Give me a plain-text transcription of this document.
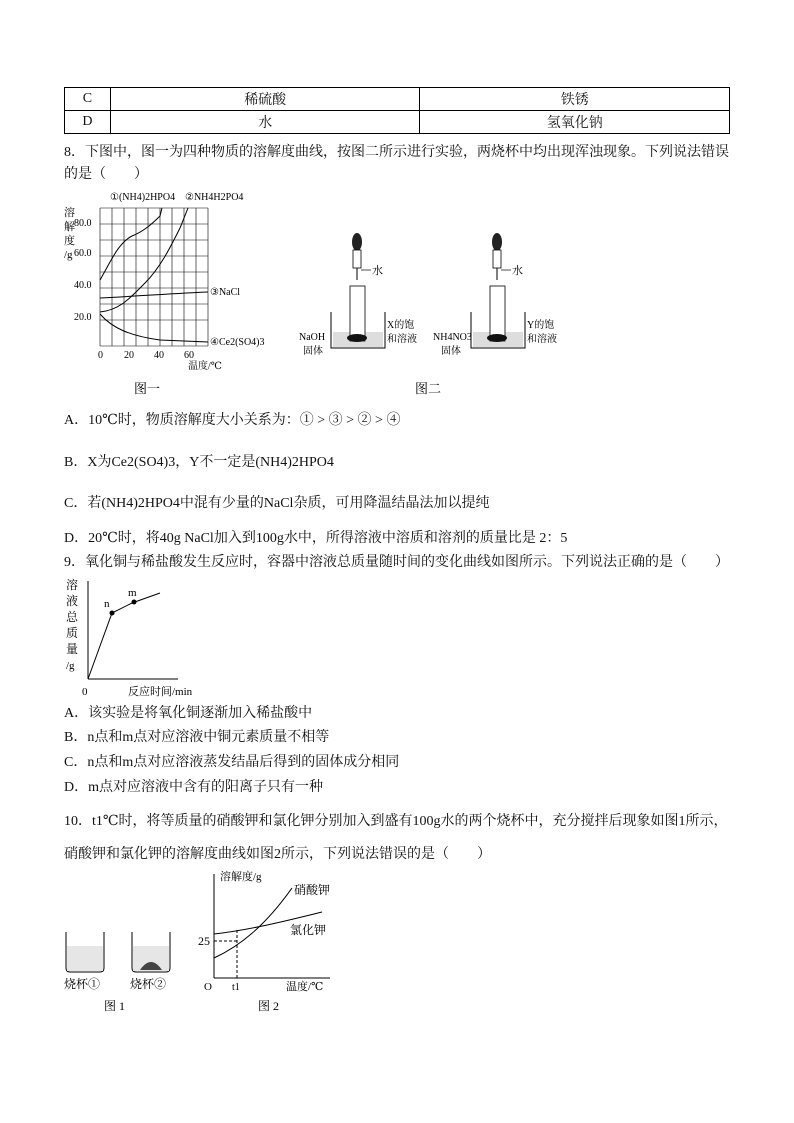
C	稀硫酸	铁锈
D	水	氢氧化钠
8．下图中，图一为四种物质的溶解度曲线，按图二所示进行实验，两烧杯中均出现浑浊现象。下列说法错误
的是（　　）
①(NH4)2HPO4 ②NH4H2PO4
溶
解
度
/g
80.0
60.0
40.0
20.0
0 20 40 60
温度/℃
③NaCl
④Ce2(SO4)3
图一
水
NaOH
固体
X的饱
和溶液
水
NH4NO3
固体
Y的饱
和溶液
图二
A．10℃时，物质溶解度大小关系为：① > ③ > ② > ④
B．X为Ce2(SO4)3，Y不一定是(NH4)2HPO4
C．若(NH4)2HPO4中混有少量的NaCl杂质，可用降温结晶法加以提纯
D．20℃时，将40g NaCl加入到100g水中，所得溶液中溶质和溶剂的质量比是 2：5
9．氧化铜与稀盐酸发生反应时，容器中溶液总质量随时间的变化曲线如图所示。下列说法正确的是（　　）
溶
液
总
质
量
/g
n
m
0	反应时间/min
A．该实验是将氧化铜逐渐加入稀盐酸中
B．n点和m点对应溶液中铜元素质量不相等
C．n点和m点对应溶液蒸发结晶后得到的固体成分相同
D．m点对应溶液中含有的阳离子只有一种
10．t1℃时，将等质量的硝酸钾和氯化钾分别加入到盛有100g水的两个烧杯中，充分搅拌后现象如图1所示，
硝酸钾和氯化钾的溶解度曲线如图2所示，下列说法错误的是（　　）
烧杯① 烧杯②
图 1
溶解度/g
硝酸钾
氯化钾
25
O t1	温度/℃
图 2
